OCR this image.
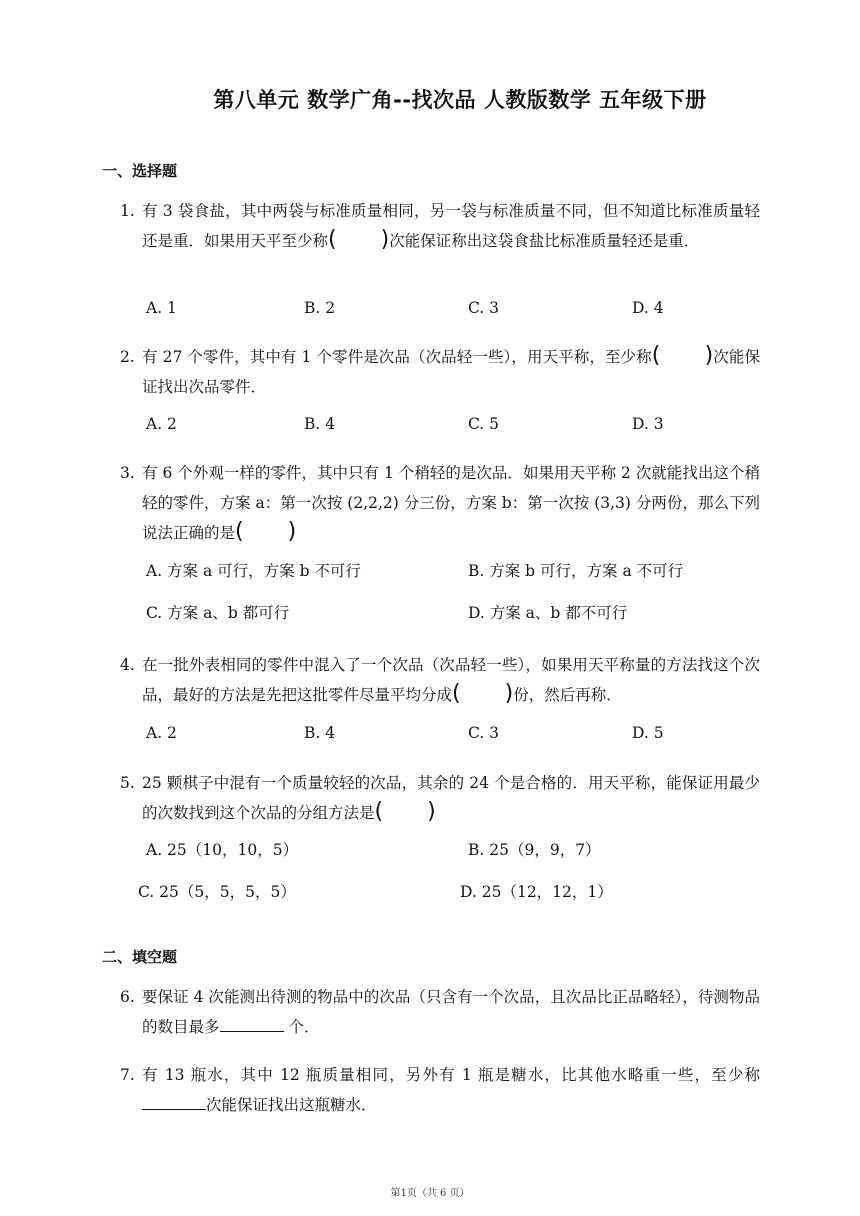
第八单元 数学广角--找次品 人教版数学 五年级下册
一、选择题
1. 有 3 袋食盐，其中两袋与标准质量相同，另一袋与标准质量不同，但不知道比标准质量轻还是重．如果用天平至少称(　　)次能保证称出这袋食盐比标准质量轻还是重．
A. 1	B. 2	C. 3	D. 4
2. 有 27 个零件，其中有 1 个零件是次品（次品轻一些），用天平称，至少称(　　)次能保证找出次品零件．
A. 2	B. 4	C. 5	D. 3
3. 有 6 个外观一样的零件，其中只有 1 个稍轻的是次品．如果用天平称 2 次就能找出这个稍轻的零件，方案 a：第一次按 (2,2,2) 分三份，方案 b：第一次按 (3,3) 分两份，那么下列说法正确的是(　　)
A. 方案 a 可行，方案 b 不可行	B. 方案 b 可行，方案 a 不可行
C. 方案 a、b 都可行	D. 方案 a、b 都不可行
4. 在一批外表相同的零件中混入了一个次品（次品轻一些），如果用天平称量的方法找这个次品，最好的方法是先把这批零件尽量平均分成(　　)份，然后再称．
A. 2	B. 4	C. 3	D. 5
5. 25 颗棋子中混有一个质量较轻的次品，其余的 24 个是合格的．用天平称，能保证用最少的次数找到这个次品的分组方法是(　　)
A. 25（10，10，5）	B. 25（9，9，7）
C. 25（5，5，5，5）	D. 25（12，12，1）
二、填空题
6. 要保证 4 次能测出待测的物品中的次品（只含有一个次品，且次品比正品略轻），待测物品的数目最多	个．
7. 有 13 瓶水，其中 12 瓶质量相同，另外有 1 瓶是糖水，比其他水略重一些，至少称次能保证找出这瓶糖水．
第1页（共 6 页）
